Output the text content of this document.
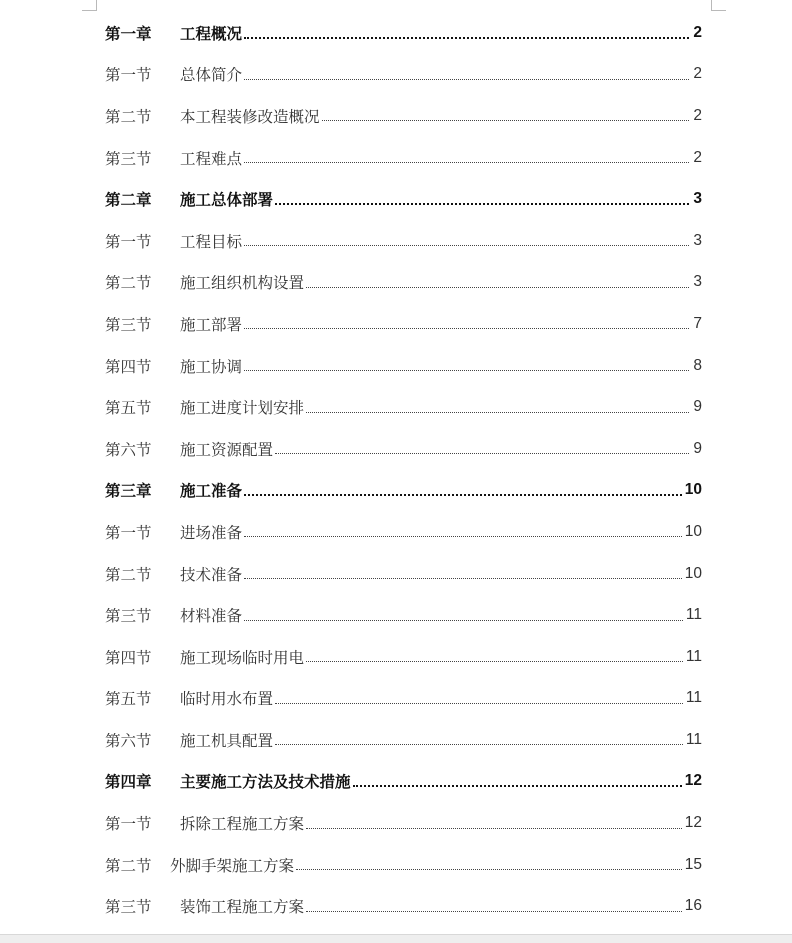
第一章	工程概况	2
第一节	总体简介	2
第二节	本工程装修改造概况	2
第三节	工程难点	2
第二章	施工总体部署	3
第一节	工程目标	3
第二节	施工组织机构设置	3
第三节	施工部署	7
第四节	施工协调	8
第五节	施工进度计划安排	9
第六节	施工资源配置	9
第三章	施工准备	10
第一节	进场准备	10
第二节	技术准备	10
第三节	材料准备	11
第四节	施工现场临时用电	11
第五节	临时用水布置	11
第六节	施工机具配置	11
第四章	主要施工方法及技术措施	12
第一节	拆除工程施工方案	12
第二节	外脚手架施工方案	15
第三节	装饰工程施工方案	16
